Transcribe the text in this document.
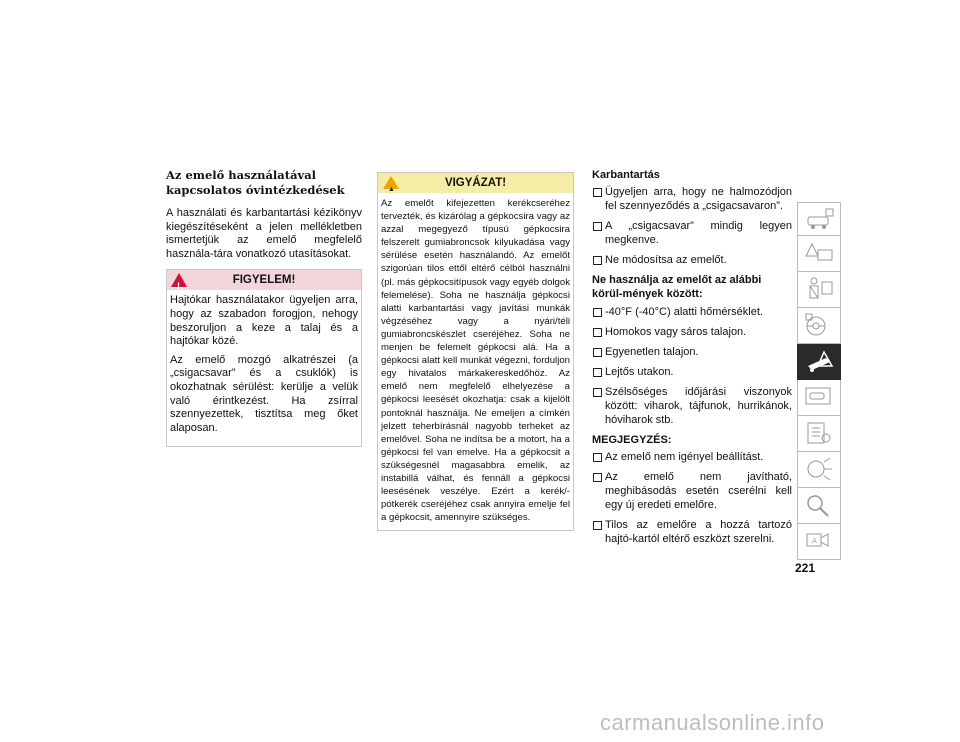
Az emelő használatával kapcsolatos óvintézkedések

A használati és karbantartási kézikönyv kiegészítéseként a jelen mellékletben ismertetjük az emelő megfelelő használa-tára vonatkozó utasításokat.

!	FIGYELEM!

Hajtókar használatakor ügyeljen arra, hogy az szabadon forogjon, nehogy beszoruljon a keze a talaj és a hajtókar közé.

Az emelő mozgó alkatrészei (a „csigacsavar” és a csuklók) is okozhatnak sérülést: kerülje a velük való érintkezést. Ha zsírral szennyezettek, tisztítsa meg őket alaposan.

▲
VIGYÁZAT!

Az emelőt kifejezetten kerékcseréhez tervezték, és kizárólag a gépkocsira vagy az azzal megegyező típusú gépkocsira felszerelt gumiabroncsok kilyukadása vagy sérülése esetén használandó. Az emelőt szigorúan tilos ettől eltérő célból használni (pl. más gépkocsitípusok vagy egyéb dolgok felemelése). Soha ne használja gépkocsi alatti karbantartási vagy javítási munkák végzéséhez vagy a nyári/téli gumiabroncskészlet cseréjéhez. Soha ne menjen be felemelt gépkocsi alá. Ha a gépkocsi alatt kell munkát végezni, forduljon egy hivatalos márkakereskedőhöz. Az emelő nem megfelelő elhelyezése a gépkocsi leesését okozhatja: csak a kijelölt pontoknál használja. Ne emeljen a címkén jelzett teherbírásnál nagyobb terheket az emelővel. Soha ne indítsa be a motort, ha a gépkocsi fel van emelve. Ha a gépkocsit a szükségesnél magasabbra emelik, az instabillá válhat, és fennáll a gépkocsi leesésének veszélye. Ezért a kerék/-pótkerék cseréjéhez csak annyira emelje fel a gépkocsit, amennyire szükséges.

Karbantartás
Ügyeljen arra, hogy ne halmozódjon fel szennyeződés a „csigacsavaron”.
A „csigacsavar” mindig legyen megkenve.
Ne módosítsa az emelőt.
Ne használja az emelőt az alábbi körül-mények között:
-40°F (-40°C) alatti hőmérséklet.
Homokos vagy sáros talajon.
Egyenetlen talajon.
Lejtős utakon.
Szélsőséges időjárási viszonyok között: viharok, tájfunok, hurrikánok, hóviharok stb.
MEGJEGYZÉS:
Az emelő nem igényel beállítást.
Az emelő nem javítható, meghibásodás esetén cserélni kell egy új eredeti emelőre.
Tilos az emelőre a hozzá tartozó hajtó-kartól eltérő eszközt szerelni.	A
221
carmanualsonline.info
